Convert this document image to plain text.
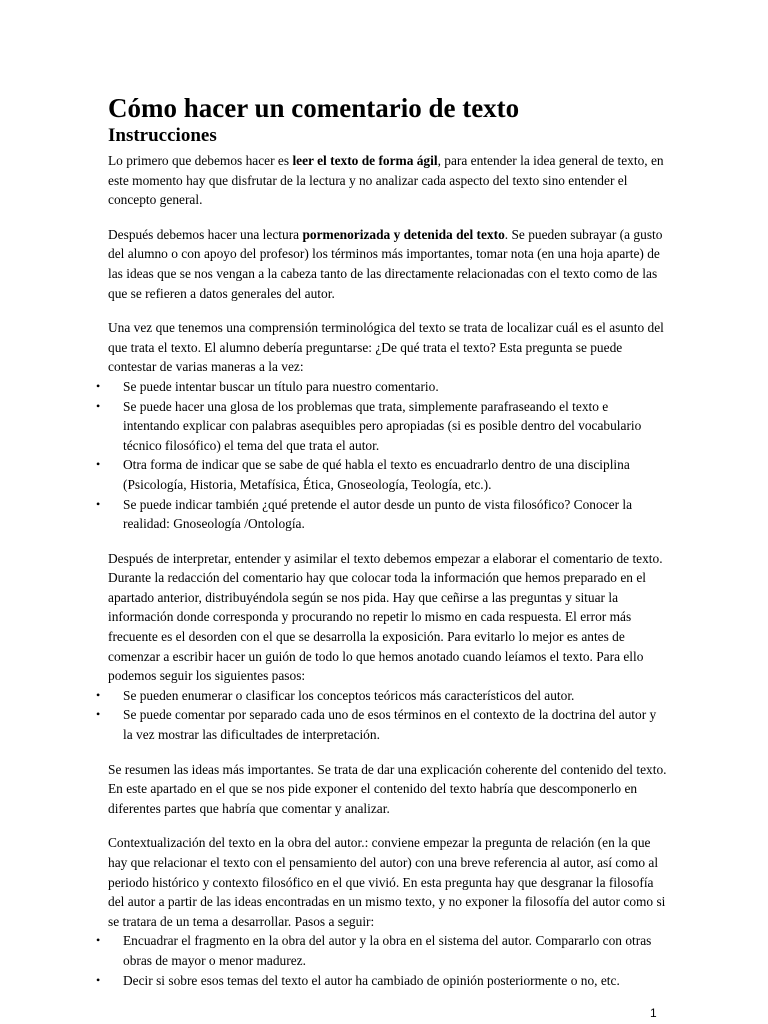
Cómo hacer un comentario de texto
Instrucciones

Lo primero que debemos hacer es leer el texto de forma ágil, para entender la idea general de texto, en este momento hay que disfrutar de la lectura y no analizar cada aspecto del texto sino entender el concepto general.

Después debemos hacer una lectura pormenorizada y detenida del texto. Se pueden subrayar (a gusto del alumno o con apoyo del profesor) los términos más importantes, tomar nota (en una hoja aparte) de las ideas que se nos vengan a la cabeza tanto de las directamente relacionadas con el texto como de las que se refieren a datos generales del autor.

Una vez que tenemos una comprensión terminológica del texto se trata de localizar cuál es el asunto del que trata el texto. El alumno debería preguntarse: ¿De qué trata el texto? Esta pregunta se puede contestar de varias maneras a la vez:

• Se puede intentar buscar un título para nuestro comentario.
• Se puede hacer una glosa de los problemas que trata, simplemente parafraseando el texto e intentando explicar con palabras asequibles pero apropiadas (si es posible dentro del vocabulario técnico filosófico) el tema del que trata el autor.
• Otra forma de indicar que se sabe de qué habla el texto es encuadrarlo dentro de una disciplina (Psicología, Historia, Metafísica, Ética, Gnoseología, Teología, etc.).
• Se puede indicar también ¿qué pretende el autor desde un punto de vista filosófico? Conocer la realidad: Gnoseología /Ontología.

Después de interpretar, entender y asimilar el texto debemos empezar a elaborar el comentario de texto. Durante la redacción del comentario hay que colocar toda la información que hemos preparado en el apartado anterior, distribuyéndola según se nos pida. Hay que ceñirse a las preguntas y situar la información donde corresponda y procurando no repetir lo mismo en cada respuesta. El error más frecuente es el desorden con el que se desarrolla la exposición. Para evitarlo lo mejor es antes de comenzar a escribir hacer un guión de todo lo que hemos anotado cuando leíamos el texto. Para ello podemos seguir los siguientes pasos:

• Se pueden enumerar o clasificar los conceptos teóricos más característicos del autor.
• Se puede comentar por separado cada uno de esos términos en el contexto de la doctrina del autor y la vez mostrar las dificultades de interpretación.

Se resumen las ideas más importantes. Se trata de dar una explicación coherente del contenido del texto. En este apartado en el que se nos pide exponer el contenido del texto habría que descomponerlo en diferentes partes que habría que comentar y analizar.

Contextualización del texto en la obra del autor.: conviene empezar la pregunta de relación (en la que hay que relacionar el texto con el pensamiento del autor) con una breve referencia al autor, así como al periodo histórico y contexto filosófico en el que vivió. En esta pregunta hay que desgranar la filosofía del autor a partir de las ideas encontradas en un mismo texto, y no exponer la filosofía del autor como si se tratara de un tema a desarrollar. Pasos a seguir:

• Encuadrar el fragmento en la obra del autor y la obra en el sistema del autor. Compararlo con otras obras de mayor o menor madurez.
• Decir si sobre esos temas del texto el autor ha cambiado de opinión posteriormente o no, etc.
1
